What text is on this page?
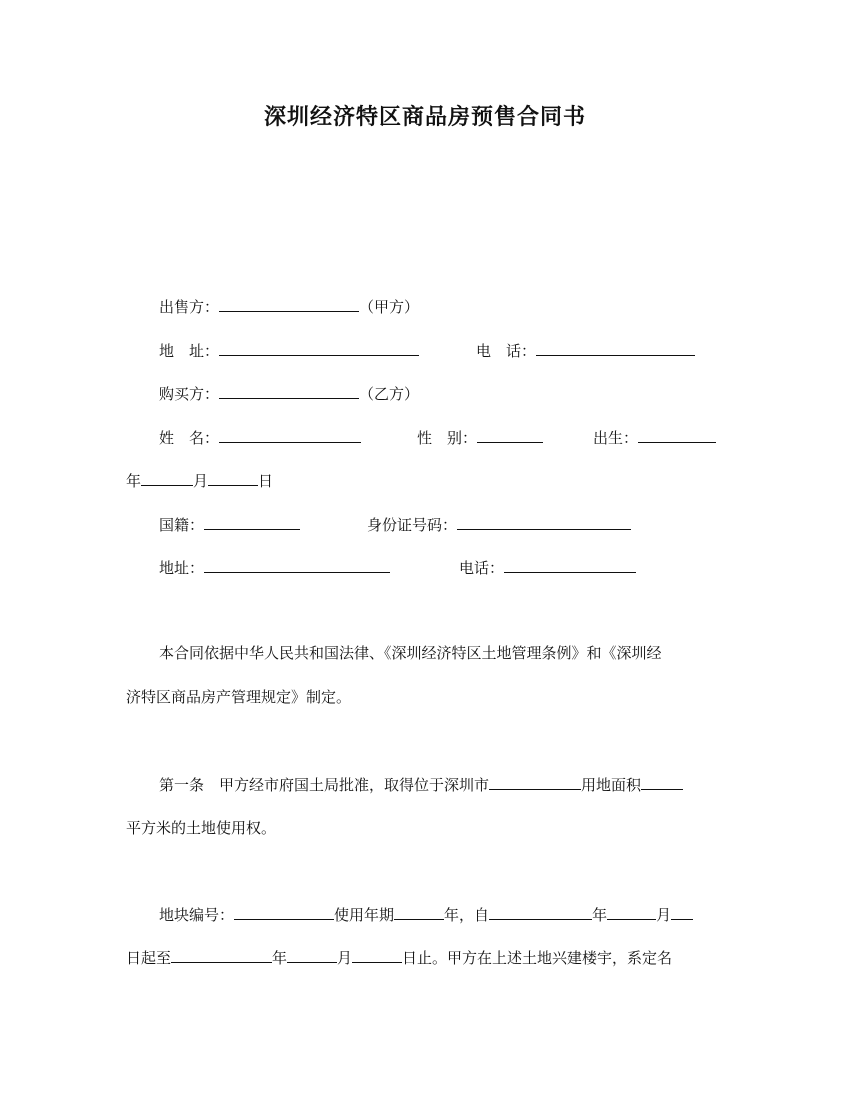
深圳经济特区商品房预售合同书
出售方：	（甲方）
地　址：	电　话：
购买方：	（乙方）
姓　名：	性　别：	出生：
年	月	日
国籍：	身份证号码：
地址：	电话：
本合同依据中华人民共和国法律、《深圳经济特区土地管理条例》和《深圳经
济特区商品房产管理规定》制定。
第一条　甲方经市府国土局批准，取得位于深圳市	用地面积
平方米的土地使用权。
地块编号：	使用年期	年，自	年	月
日起至	年	月	日止。甲方在上述土地兴建楼宇，系定名
